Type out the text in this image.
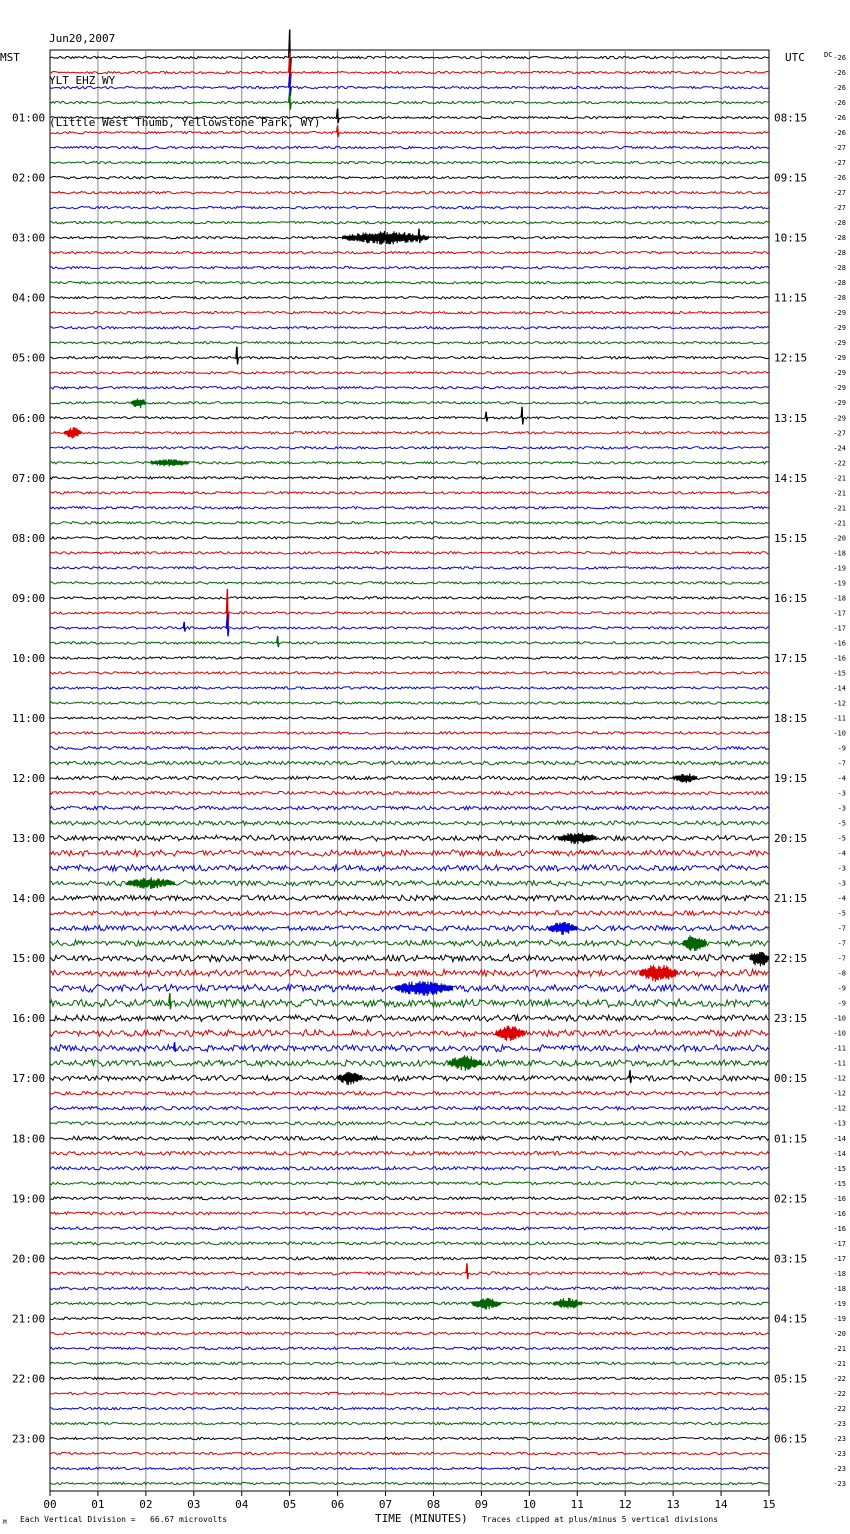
Jun20,2007

YLT EHZ WY

(Little West Thumb, Yellowstone Park, WY)

01:00
02:00
03:00
04:00
05:00
06:00
07:00
08:00
09:00
10:00
11:00
12:00
13:00
14:00
15:00
16:00
17:00
18:00
19:00
20:00
21:00
22:00
23:00
08:15
09:15
10:15
11:15
12:15
13:15
14:15
15:15
16:15
17:15
18:15
19:15
20:15
21:15
22:15
23:15
00:15
01:15
02:15
03:15
04:15
05:15
06:15
-26
-26
-26
-26
-26
-26
-27
-27
-26
-27
-27
-28
-28
-28
-28
-28
-28
-29
-29
-29
-29
-29
-29
-29
-29
-27
-24
-22
-21
-21
-21
-21
-20
-18
-19
-19
-18
-17
-17
-16
-16
-15
-14
-12
-11
-10
-9
-7
-4
-3
-3
-5
-5
-4
-3
-3
-4
-5
-7
-7
-7
-8
-9
-9
-10
-10
-11
-11
-12
-12
-12
-13
-14
-14
-15
-15
-16
-16
-16
-17
-17
-18
-18
-19
-19
-20
-21
-21
-22
-22
-22
-23
-23
-23
-23
-23
00	01	02	03	04	05	06	07	08	09	10	11	12	13	14	15
MST	UTC	DC
M Each Vertical Division =   66.67 microvolts	TIME (MINUTES) Traces clipped at plus/minus 5 vertical divisions
